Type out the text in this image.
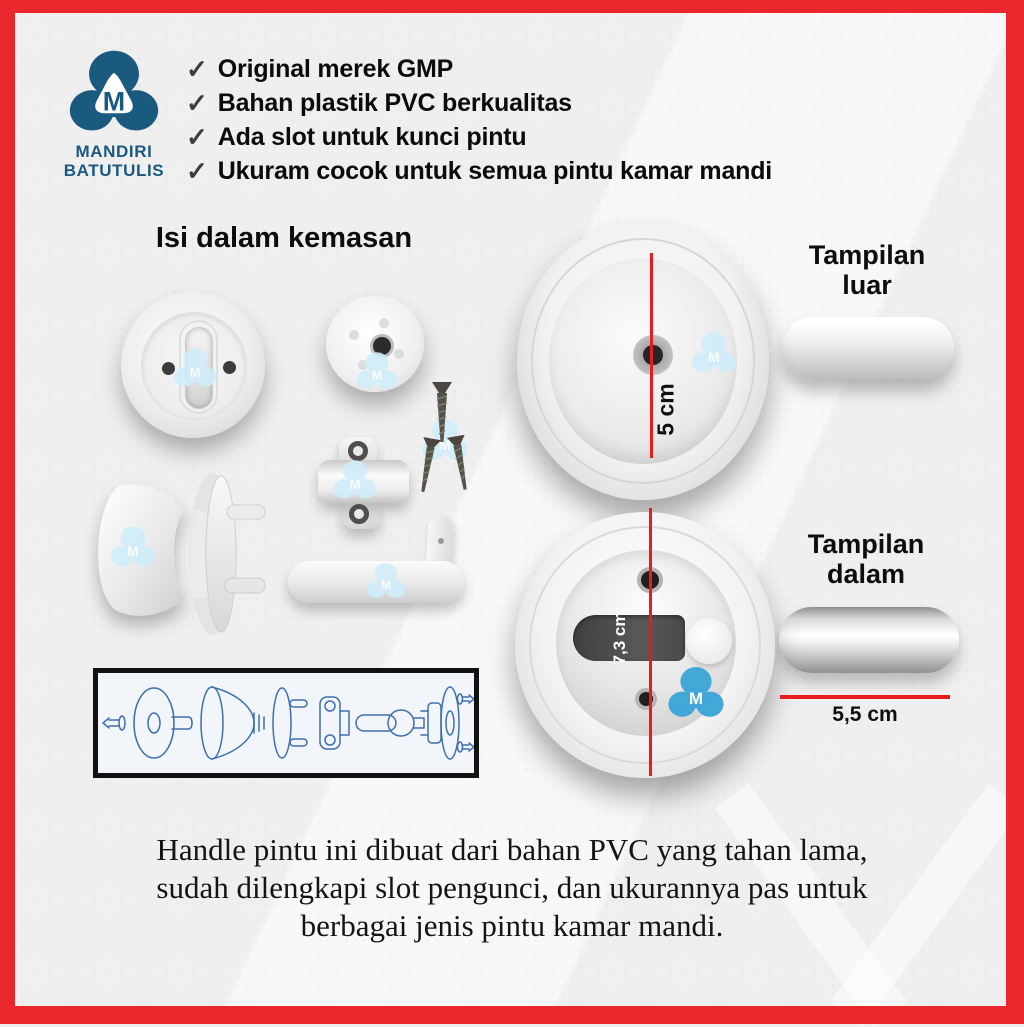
M
MANDIRI
BATUTULIS
✓ Original merek GMP
✓ Bahan plastik PVC berkualitas
✓ Ada slot untuk kunci pintu
✓ Ukuram cocok untuk semua pintu kamar mandi
Isi dalam kemasan
Tampilan luar
5 cm
Tampilan dalam
7,3 cm
5,5 cm
Handle pintu ini dibuat dari bahan PVC yang tahan lama,
sudah dilengkapi slot pengunci, dan ukurannya pas untuk
berbagai jenis pintu kamar mandi.
